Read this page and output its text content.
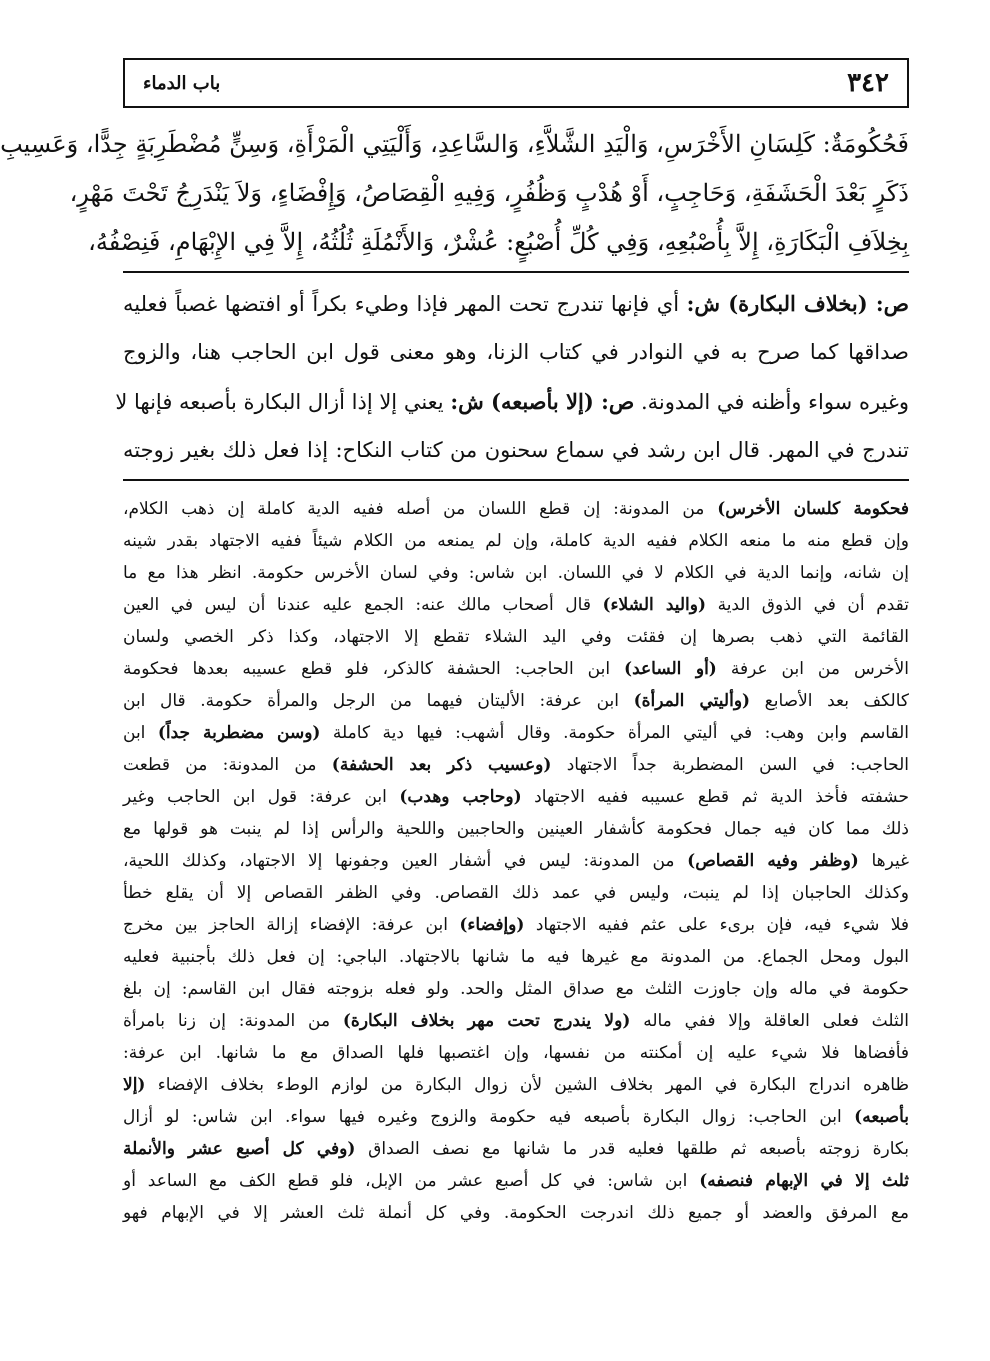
٣٤٢
باب الدماء
فَحُكُومَةٌ: كَلِسَانِ الأَخْرَسِ، وَالْيَدِ الشَّلاَّءِ، وَالسَّاعِدِ، وَأَلْيَتِي الْمَرْأَةِ، وَسِنٍّ مُضْطَرِبَةٍ جِدًّا، وَعَسِيبِ
ذَكَرٍ بَعْدَ الْحَشَفَةِ، وَحَاجِبٍ، أَوْ هُدْبٍ وَظُفُرٍ، وَفِيهِ الْقِصَاصُ، وَإِفْضَاءٍ، وَلاَ يَنْدَرِجُ تَحْتَ مَهْرٍ،
بِخِلاَفِ الْبَكَارَةِ، إِلاَّ بِأُصْبُعِهِ، وَفِي كُلِّ أُصْبُعٍ: عُشْرٌ، وَالأَنْمُلَةِ ثُلُثُهُ، إِلاَّ فِي الإِبْهَامِ، فَنِصْفُهُ،
ص: (بخلاف البكارة) ش: أي فإنها تندرج تحت المهر فإذا وطيء بكراً أو افتضها غصباً فعليه
صداقها كما صرح به في النوادر في كتاب الزنا، وهو معنى قول ابن الحاجب هنا، والزوج
وغيره سواء وأظنه في المدونة. ص: (إلا بأصبعه) ش: يعني إلا إذا أزال البكارة بأصبعه فإنها لا
تندرج في المهر. قال ابن رشد في سماع سحنون من كتاب النكاح: إذا فعل ذلك بغير زوجته
فحكومة كلسان الأخرس) من المدونة: إن قطع اللسان من أصله ففيه الدية كاملة إن ذهب الكلام،
وإن قطع منه ما منعه الكلام ففيه الدية كاملة، وإن لم يمنعه من الكلام شيئاً ففيه الاجتهاد بقدر شينه
إن شانه، وإنما الدية في الكلام لا في اللسان. ابن شاس: وفي لسان الأخرس حكومة. انظر هذا مع ما
تقدم أن في الذوق الدية (واليد الشلاء) قال أصحاب مالك عنه: الجمع عليه عندنا أن ليس في العين
القائمة التي ذهب بصرها إن فقئت وفي اليد الشلاء تقطع إلا الاجتهاد، وكذا ذكر الخصي ولسان
الأخرس من ابن عرفة (أو الساعد) ابن الحاجب: الحشفة كالذكر، فلو قطع عسيبه بعدها فحكومة
كالكف بعد الأصابع (وأليتي المرأة) ابن عرفة: الأليتان فيهما من الرجل والمرأة حكومة. قال ابن
القاسم وابن وهب: في أليتي المرأة حكومة. وقال أشهب: فيها دية كاملة (وسن مضطربة جداً) ابن
الحاجب: في السن المضطربة جداً الاجتهاد (وعسيب ذكر بعد الحشفة) من المدونة: من قطعت
حشفته فأخذ الدية ثم قطع عسيبه ففيه الاجتهاد (وحاجب وهدب) ابن عرفة: قول ابن الحاجب وغير
ذلك مما كان فيه جمال فحكومة كأشفار العينين والحاجبين واللحية والرأس إذا لم ينبت هو قولها مع
غيرها (وظفر وفيه القصاص) من المدونة: ليس في أشفار العين وجفونها إلا الاجتهاد، وكذلك اللحية،
وكذلك الحاجبان إذا لم ينبت، وليس في عمد ذلك القصاص. وفي الظفر القصاص إلا أن يقلع خطأ
فلا شيء فيه، فإن برىء على عثم ففيه الاجتهاد (وإفضاء) ابن عرفة: الإفضاء إزالة الحاجز بين مخرج
البول ومحل الجماع. من المدونة مع غيرها فيه ما شانها بالاجتهاد. الباجي: إن فعل ذلك بأجنبية فعليه
حكومة في ماله وإن جاوزت الثلث مع صداق المثل والحد. ولو فعله بزوجته فقال ابن القاسم: إن بلغ
الثلث فعلى العاقلة وإلا ففي ماله (ولا يندرج تحت مهر بخلاف البكارة) من المدونة: إن زنا بامرأة
فأفضاها فلا شيء عليه إن أمكنته من نفسها، وإن اغتصبها فلها الصداق مع ما شانها. ابن عرفة:
ظاهره اندراج البكارة في المهر بخلاف الشين لأن زوال البكارة من لوازم الوطء بخلاف الإفضاء (إلا
بأصبعه) ابن الحاجب: زوال البكارة بأصبعه فيه حكومة والزوج وغيره فيها سواء. ابن شاس: لو أزال
بكارة زوجته بأصبعه ثم طلقها فعليه قدر ما شانها مع نصف الصداق (وفي كل أصبع عشر والأنملة
ثلث إلا في الإبهام فنصفه) ابن شاس: في كل أصبع عشر من الإبل، فلو قطع الكف مع الساعد أو
مع المرفق والعضد أو جميع ذلك اندرجت الحكومة. وفي كل أنملة ثلث العشر إلا في الإبهام فهو
